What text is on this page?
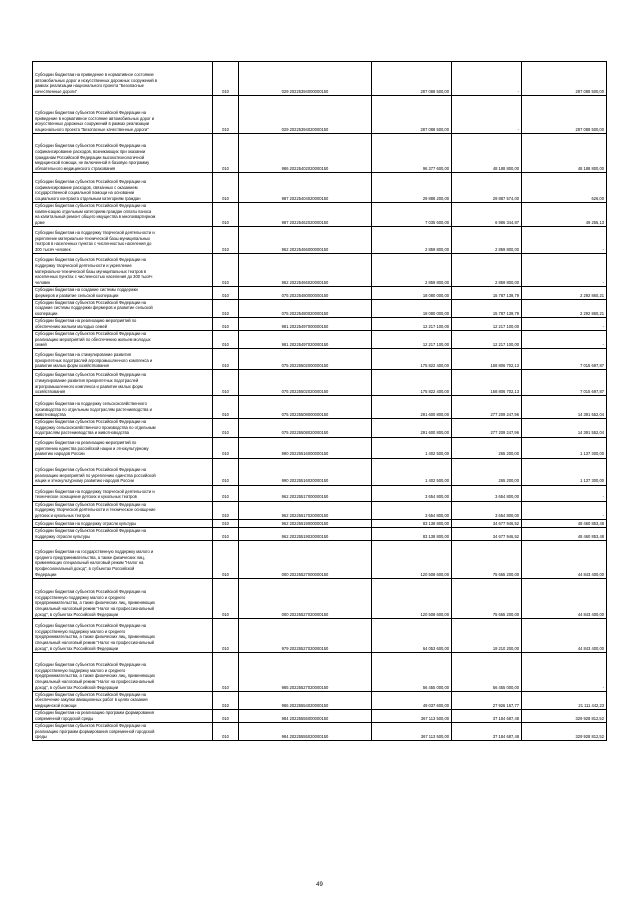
Субсидии бюджетам на приведение в нормативное состояние
автомобильных дорог и искусственных дорожных сооружений в
рамках реализации национального проекта "Безопасные
качественные дороги"	010	029 20225394000000150	287 088 500,00	-	287 088 500,00
Субсидии бюджетам субъектов Российской Федерации на
приведение в нормативное состояние автомобильных дорог и
искусственных дорожных сооружений в рамках реализации
национального проекта "Безопасные качественные дороги"	010	029 20225394020000150	287 088 500,00	-	287 088 500,00
Субсидии бюджетам субъектов Российской Федерации на
софинансирование расходов, возникающих при оказании
гражданам Российской Федерации высокотехнологичной
медицинской помощи, не включенной в базовую программу
обязательного медицинского страхования	010	986 20225402020000150	96 377 600,00	48 188 800,00	48 188 800,00
Субсидии бюджетам субъектов Российской Федерации на
софинансирование расходов, связанных с оказанием
государственной социальной помощи на основании
социального контракта отдельным категориям граждан	010	987 20225404020000150	29 888 200,00	29 887 574,00	626,00
Субсидии бюджетам субъектов Российской Федерации на
компенсацию отдельным категориям граждан оплаты взноса
на капитальный ремонт общего имущества в многоквартирном
доме	010	987 20225462020000150	7 035 600,00	6 986 344,87	49 255,13
Субсидии бюджетам на поддержку творческой деятельности и
укрепление материально-технической базы муниципальных
театров в населенных пунктах с численностью населения до
300 тысяч человек	010	962 20225466000000150	2 859 800,00	2 859 800,00	-
Субсидии бюджетам субъектов Российской Федерации на
поддержку творческой деятельности и укрепление
материально-технической базы муниципальных театров в
населенных пунктах с численностью населения до 300 тысяч
человек	010	962 20225466020000150	2 859 800,00	2 859 800,00	-
Субсидии бюджетам на создание системы поддержки
фермеров и развитие сельской кооперации	010	075 20225480000000150	18 080 000,00	15 787 139,79	2 292 860,21
Субсидии бюджетам субъектов Российской Федерации на
создание системы поддержки фермеров и развитие сельской
кооперации	010	075 20225480020000150	18 080 000,00	15 787 139,79	2 292 860,21
Субсидии бюджетам на реализацию мероприятий по
обеспечению жильем молодых семей	010	981 20225497000000150	12 217 100,00	12 217 100,00	-
Субсидии бюджетам субъектов Российской Федерации на
реализацию мероприятий по обеспечению жильем молодых
семей	010	981 20225497020000150	12 217 100,00	12 217 100,00	-
Субсидии бюджетам на стимулирование развития
приоритетных подотраслей агропромышленного комплекса и
развитие малых форм хозяйствования	010	075 20225502000000150	175 822 400,00	168 806 702,13	7 015 697,87
Субсидии бюджетам субъектов Российской Федерации на
стимулирование развития приоритетных подотраслей
агропромышленного комплекса и развитие малых форм
хозяйствования	010	075 20225502020000150	175 822 400,00	168 806 702,13	7 015 697,87
Субсидии бюджетам на поддержку сельскохозяйственного
производства по отдельным подотраслям растениеводства и
животноводства	010	075 20225508000000150	291 600 800,00	277 209 247,96	14 391 552,04
Субсидии бюджетам субъектов Российской Федерации на
поддержку сельскохозяйственного производства по отдельным
подотраслям растениеводства и животноводства	010	075 20225508020000150	291 600 800,00	277 209 247,96	14 391 552,04
Субсидии бюджетам на реализацию мероприятий по
укреплению единства российской нации и этнокультурному
развитию народов России	010	990 20225516000000150	1 402 500,00	265 200,00	1 137 300,00
Субсидии бюджетам субъектов Российской Федерации на
реализацию мероприятий по укреплению единства российской
нации и этнокультурному развитию народов России	010	990 20225516020000150	1 402 500,00	265 200,00	1 137 300,00
Субсидии бюджетам на поддержку творческой деятельности и
техническое оснащение детских и кукольных театров	010	962 20225517000000150	3 654 800,00	3 654 800,00	-
Субсидии бюджетам субъектов Российской Федерации на
поддержку творческой деятельности и техническое оснащение
детских и кукольных театров	010	962 20225517020000150	3 654 800,00	3 654 800,00	-
Субсидии бюджетам на поддержку отрасли культуры	010	962 20225519000000150	83 138 800,00	34 677 946,52	48 460 853,48
Субсидии бюджетам субъектов Российской Федерации на
поддержку отрасли культуры	010	962 20225519020000150	83 138 800,00	34 677 946,52	48 460 853,48
Субсидии бюджетам на государственную поддержку малого и
среднего предпринимательства, а также физических лиц,
применяющих специальный налоговый режим "Налог на
профессиональный доход", в субъектах Российской
Федерации	010	000 20225527000000150	120 508 600,00	75 665 200,00	44 843 400,00
Субсидии бюджетам субъектов Российской Федерации на
государственную поддержку малого и среднего
предпринимательства, а также физических лиц, применяющих
специальный налоговый режим "Налог на профессиональный
доход", в субъектах Российской Федерации	010	000 20225527020000150	120 508 600,00	75 665 200,00	44 843 400,00
Субсидии бюджетам субъектов Российской Федерации на
государственную поддержку малого и среднего
предпринимательства, а также физических лиц, применяющих
специальный налоговый режим "Налог на профессиональный
доход", в субъектах Российской Федерации	010	979 20225527020000150	64 053 600,00	19 210 200,00	44 843 400,00
Субсидии бюджетам субъектов Российской Федерации на
государственную поддержку малого и среднего
предпринимательства, а также физических лиц, применяющих
специальный налоговый режим "Налог на профессиональный
доход", в субъектах Российской Федерации	010	985 20225527020000150	56 455 000,00	56 455 000,00	-
Субсидии бюджетам субъектов Российской Федерации на
обеспечение закупки авиационных работ в целях оказания
медицинской помощи	010	986 20225554020000150	49 037 600,00	27 926 157,77	21 111 442,23
Субсидии бюджетам на реализацию программ формирования
современной городской среды	010	984 20225555000000150	367 113 500,00	37 184 687,48	329 928 812,52
Субсидии бюджетам субъектов Российской Федерации на
реализацию программ формирования современной городской
среды	010	984 20225555020000150	367 113 500,00	37 184 687,48	329 928 812,52
49
